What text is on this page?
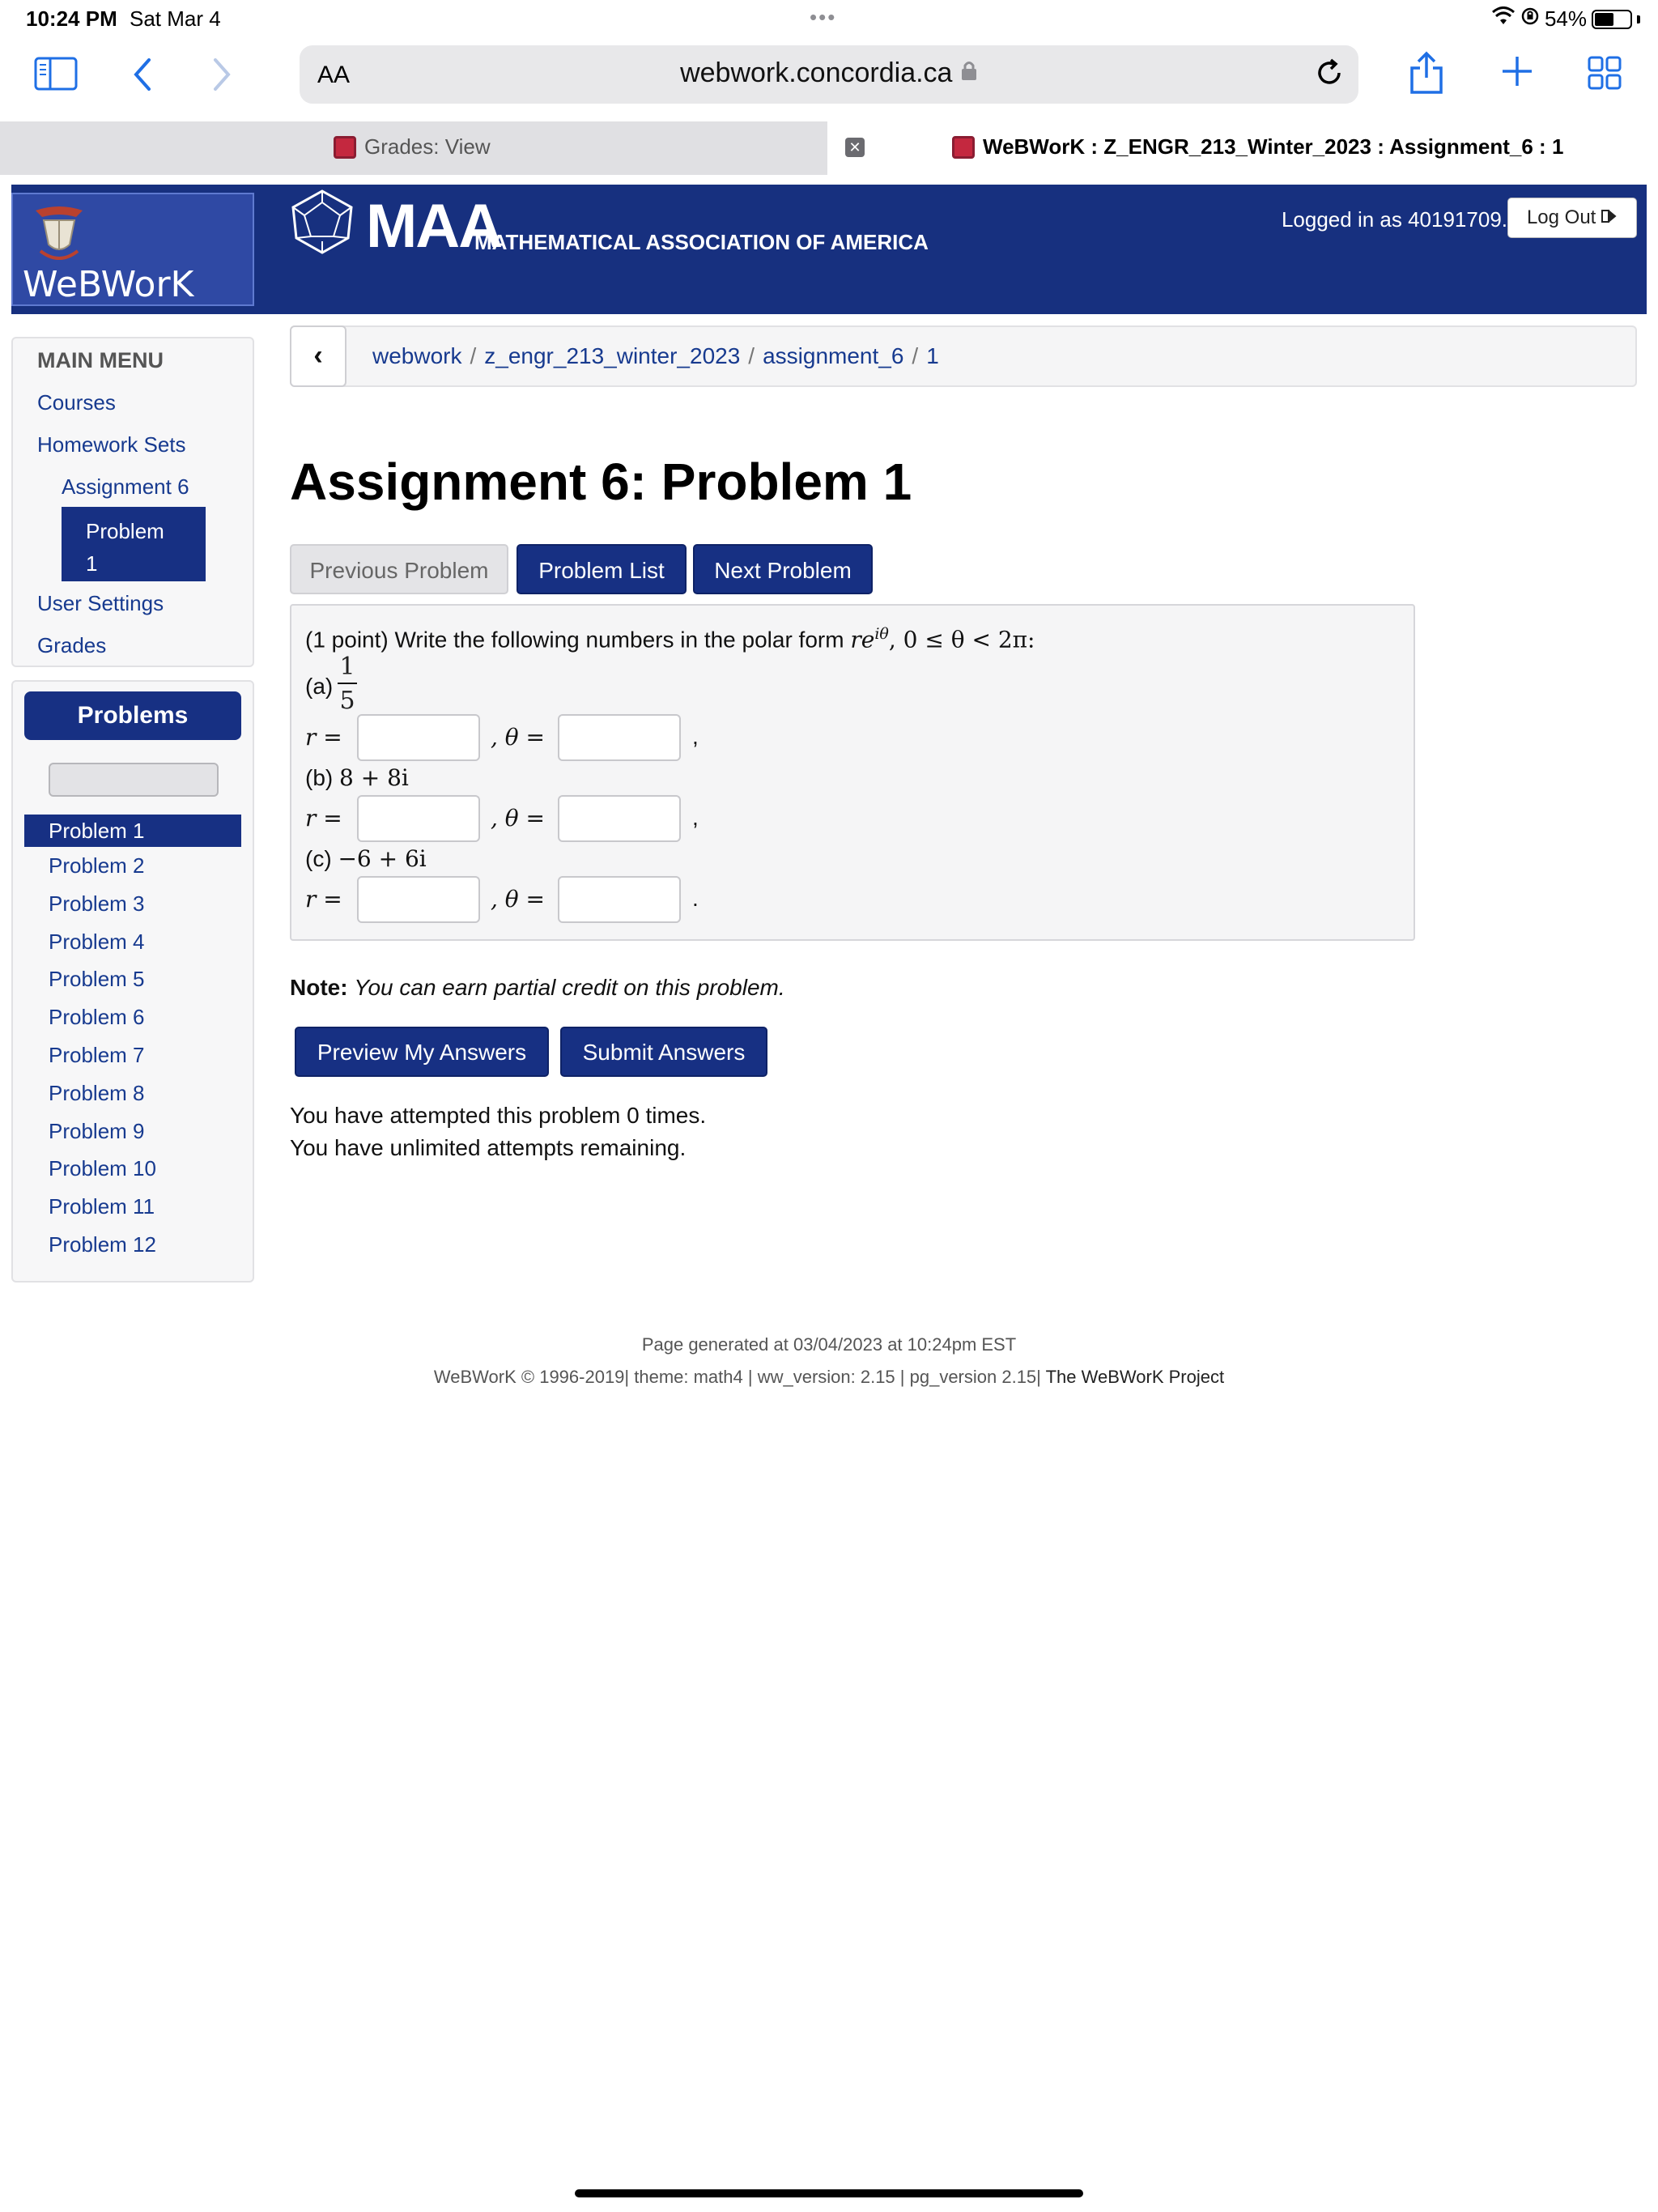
10:24 PM Sat Mar 4	•••	54%
AA	webwork.concordia.ca
Grades: View	✕	WeBWorK : Z_ENGR_213_Winter_2023 : Assignment_6 : 1
WeBWorK
MAA
MATHEMATICAL ASSOCIATION OF AMERICA
Logged in as 40191709. Log Out
MAIN MENU
Courses
Homework Sets
Assignment 6
Problem
1
User Settings
Grades
Problems
Problem 1
Problem 2
Problem 3
Problem 4
Problem 5
Problem 6
Problem 7
Problem 8
Problem 9
Problem 10
Problem 11
Problem 12
‹	webwork / z_engr_213_winter_2023 / assignment_6 / 1
Assignment 6: Problem 1
Previous Problem	Problem List	Next Problem
(1 point) Write the following numbers in the polar form $re^{i\theta}$, 0 ≤ θ < 2π:
(a)
1
5
r =	, θ =	,
(b) 8 + 8i
r =	, θ =	,
(c) −6 + 6i
r =	, θ =	.
Note: You can earn partial credit on this problem.
Preview My Answers	Submit Answers
You have attempted this problem 0 times.
You have unlimited attempts remaining.
Page generated at 03/04/2023 at 10:24pm EST
WeBWorK © 1996-2019| theme: math4 | ww_version: 2.15 | pg_version 2.15| The WeBWorK Project
